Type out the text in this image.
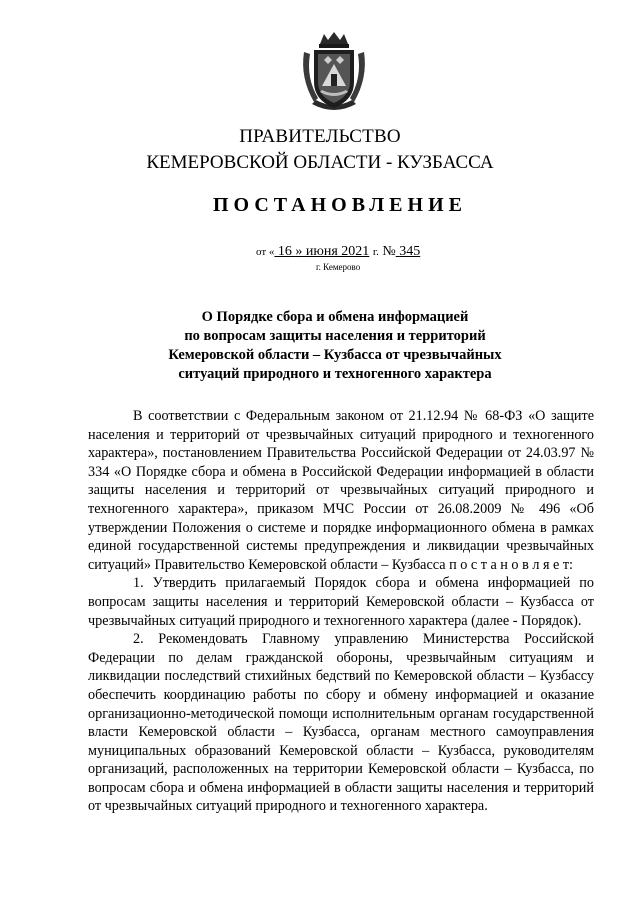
ПРАВИТЕЛЬСТВО
КЕМЕРОВСКОЙ ОБЛАСТИ - КУЗБАССА
ПОСТАНОВЛЕНИЕ
от « 16 » июня 2021 г. № 345
г. Кемерово
О Порядке сбора и обмена информацией
по вопросам защиты населения и территорий
Кемеровской области – Кузбасса от чрезвычайных
ситуаций природного и техногенного характера

В соответствии с Федеральным законом от 21.12.94 № 68-ФЗ «О защите населения и территорий от чрезвычайных ситуаций природного и техногенного характера», постановлением Правительства Российской Федерации от 24.03.97 № 334 «О Порядке сбора и обмена в Российской Федерации информацией в области защиты населения и территорий от чрезвычайных ситуаций природного и техногенного характера», приказом МЧС России от 26.08.2009 № 496 «Об утверждении Положения о системе и порядке информационного обмена в рамках единой государственной системы предупреждения и ликвидации чрезвычайных ситуаций» Правительство Кемеровской области – Кузбасса п о с т а н о в л я е т:

1. Утвердить прилагаемый Порядок сбора и обмена информацией по вопросам защиты населения и территорий Кемеровской области – Кузбасса от чрезвычайных ситуаций природного и техногенного характера (далее - Порядок).

2. Рекомендовать Главному управлению Министерства Российской Федерации по делам гражданской обороны, чрезвычайным ситуациям и ликвидации последствий стихийных бедствий по Кемеровской области – Кузбассу обеспечить координацию работы по сбору и обмену информацией и оказание организационно-методической помощи исполнительным органам государственной власти Кемеровской области – Кузбасса, органам местного самоуправления муниципальных образований Кемеровской области – Кузбасса, руководителям организаций, расположенных на территории Кемеровской области – Кузбасса, по вопросам сбора и обмена информацией в области защиты населения и территорий от чрезвычайных ситуаций природного и техногенного характера.
